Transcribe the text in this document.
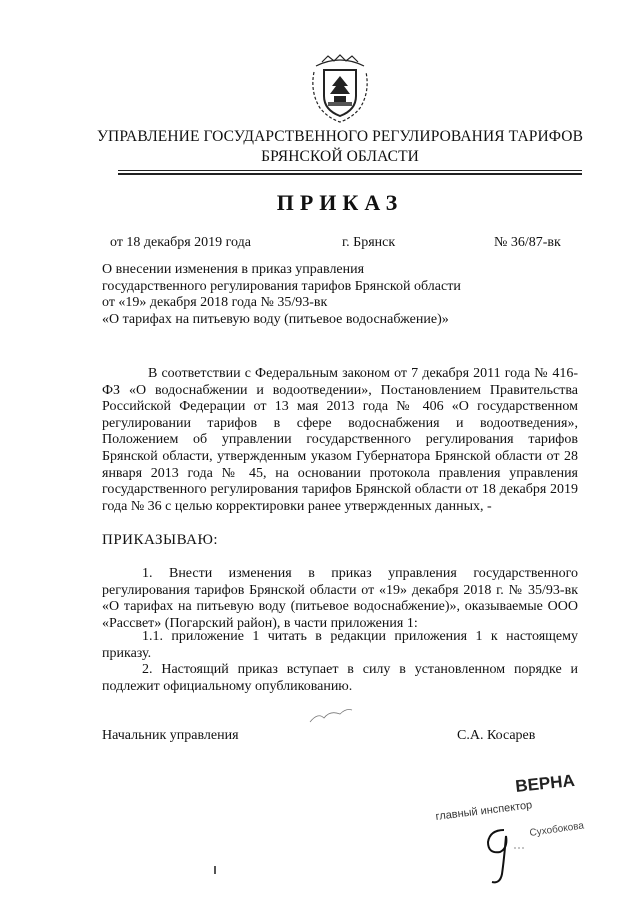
УПРАВЛЕНИЕ ГОСУДАРСТВЕННОГО РЕГУЛИРОВАНИЯ ТАРИФОВ
БРЯНСКОЙ ОБЛАСТИ
ПРИКАЗ
от 18 декабря 2019 года	г. Брянск	№ 36/87-вк
О внесении изменения в приказ управления
государственного регулирования тарифов Брянской области
от «19» декабря 2018 года № 35/93-вк
«О тарифах на питьевую воду (питьевое водоснабжение)»
В соответствии с Федеральным законом от 7 декабря 2011 года № 416-ФЗ «О водоснабжении и водоотведении», Постановлением Правительства Российской Федерации от 13 мая 2013 года № 406 «О государственном регулировании тарифов в сфере водоснабжения и водоотведения», Положением об управлении государственного регулирования тарифов Брянской области, утвержденным указом Губернатора Брянской области от 28 января 2013 года № 45, на основании протокола правления управления государственного регулирования тарифов Брянской области от 18 декабря 2019 года № 36 с целью корректировки ранее утвержденных данных, -
ПРИКАЗЫВАЮ:
1. Внести изменения в приказ управления государственного регулирования тарифов Брянской области от «19» декабря 2018 г. № 35/93-вк «О тарифах на питьевую воду (питьевое водоснабжение)», оказываемые ООО «Рассвет» (Погарский район), в части приложения 1:
1.1. приложение 1 читать в редакции приложения 1 к настоящему приказу.
2. Настоящий приказ вступает в силу в установленном порядке и подлежит официальному опубликованию.
Начальник управления	С.А. Косарев
ВЕРНА
главный инспектор
Сухобокова
